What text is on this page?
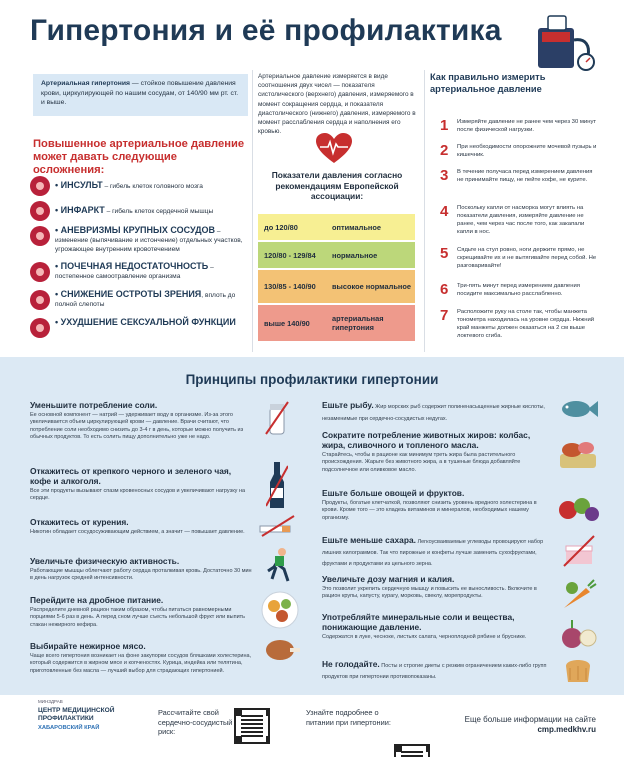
Гипертония и её профилактика
Артериальная гипертония — стойкое повышение давления крови, циркулирующей по нашим сосудам, от 140/90 мм рт. ст. и выше.
Повышенное артериальное давление может давать следующие осложнения:
• ИНСУЛЬТ – гибель клеток головного мозга
• ИНФАРКТ – гибель клеток сердечной мышцы
• АНЕВРИЗМЫ КРУПНЫХ СОСУДОВ – изменение (выпячивание и истончение) отдельных участков, угрожающее внутренним кровотечением
• ПОЧЕЧНАЯ НЕДОСТАТОЧНОСТЬ – постепенное самоотравление организма
• СНИЖЕНИЕ ОСТРОТЫ ЗРЕНИЯ, вплоть до полной слепоты
• УХУДШЕНИЕ СЕКСУАЛЬНОЙ ФУНКЦИИ
Артериальное давление измеряется в виде соотношения двух чисел — показателя систолического (верхнего) давления, измеряемого в момент сокращения сердца, и показателя диастолического (нижнего) давления, измеряемого в момент расслабления сердца и наполнения его кровью.
Показатели давления согласно рекомендациям Европейской ассоциации:
до 120/80	оптимальное
120/80 - 129/84	нормальное
130/85 - 140/90	высокое нормальное
выше 140/90	артериальная гипертония
Как правильно измерить артериальное давление
1	Измеряйте давление не ранее чем через 30 минут после физической нагрузки.
2	При необходимости опорожните мочевой пузырь и кишечник.
3	В течение получаса перед измерением давления не принимайте пищу, не пейте кофе, не курите.
4	Поскольку капли от насморка могут влиять на показатели давления, измеряйте давление не ранее, чем через час после того, как закапали капли в нос.
5	Сядьте на стул ровно, ноги держите прямо, не скрещивайте их и не вытягивайте перед собой. Не разговаривайте!
6	Три-пять минут перед измерением давления посидите максимально расслабленно.
7	Расположите руку на столе так, чтобы манжета тонометра находилась на уровне сердца. Нижний край манжеты должен оказаться на 2 см выше локтевого сгиба.
Принципы профилактики гипертонии
Уменьшите потребление соли.
Ее основной компонент — натрий — удерживает воду в организме. Из-за этого увеличивается объем циркулирующей крови — давление. Врачи считают, что потребление соли необходимо снизить до 3-4 г в день, которые можно получить из обычных продуктов. То есть солить пищу дополнительно уже не надо.
Откажитесь от крепкого черного и зеленого чая, кофе и алкоголя.
Все эти продукты вызывают спазм кровеносных сосудов и увеличивают нагрузку на сердце.
Откажитесь от курения.
Никотин обладает сосудосуживающим действием, а значит — повышает давление.
Увеличьте физическую активность.
Работающие мышцы облегчают работу сердца проталкивая кровь. Достаточно 30 мин в день нагрузок средней интенсивности.
Перейдите на дробное питание.
Распределите дневной рацион таким образом, чтобы питаться равномерными порциями 5-6 раз в день. А перед сном лучше съесть небольшой фрукт или выпить стакан нежирного кефира.
Выбирайте нежирное мясо.
Чаще всего гипертония возникает на фоне закупорки сосудов бляшками холестерина, который содержится в жирном мясе и копченостях. Курица, индейка или телятина, приготовленные без масла — лучший выбор для страдающих гипертонией.
Ешьте рыбу. Жир морских рыб содержит полиненасыщенные жирные кислоты, незаменимые при сердечно-сосудистых недугах.
Сократите потребление животных жиров: колбас, жира, сливочного и топленого масла.
Старайтесь, чтобы в рационе как минимум треть жира была растительного происхождения. Жарьте без животного жира, а в тушеные блюда добавляйте подсолнечное или оливковое масло.
Ешьте больше овощей и фруктов.
Продукты, богатые клетчаткой, позволяют снизить уровень вредного холестерина в крови. Кроме того — это кладезь витаминов и минералов, необходимых нашему организму.
Ешьте меньше сахара. Легкоусваиваемые углеводы провоцируют набор лишних килограммов. Так что пирожные и конфеты лучше заменить сухофруктами, фруктами и продуктами из цельного зерна.
Увеличьте дозу магния и калия.
Это позволит укрепить сердечную мышцу и повысить ее выносливость. Включите в рацион крупы, капусту, курагу, морковь, свеклу, морепродукты.
Употребляйте минеральные соли и вещества, понижающие давление.
Содержатся в луке, чесноке, листьях салата, черноплодной рябине и бруснике.
Не голодайте. Посты и строгие диеты с резким ограничением каких-либо групп продуктов при гипертонии противопоказаны.
МИНЗДРАВ
ЦЕНТР МЕДИЦИНСКОЙ ПРОФИЛАКТИКИ
ХАБАРОВСКИЙ КРАЙ
Рассчитайте свой сердечно-сосудистый риск:
Узнайте подробнее о питании при гипертонии:	Еще больше информации на сайте
cmp.medkhv.ru
